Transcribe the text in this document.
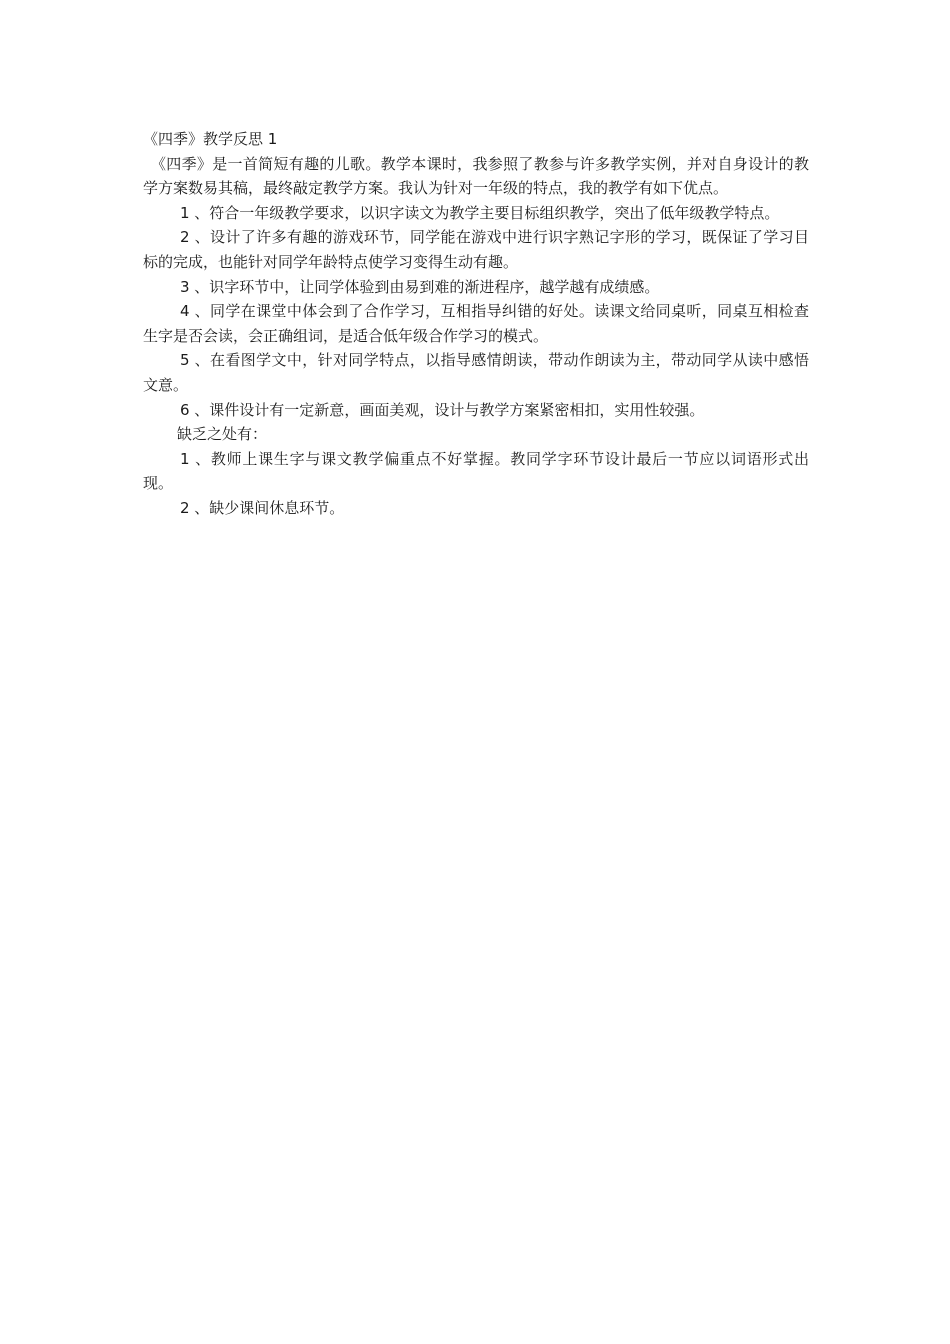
《四季》教学反思 1

《四季》是一首简短有趣的儿歌。教学本课时，我参照了教参与许多教学实例，并对自身设计的教学方案数易其稿，最终敲定教学方案。我认为针对一年级的特点，我的教学有如下优点。

1 、符合一年级教学要求，以识字读文为教学主要目标组织教学，突出了低年级教学特点。

2 、设计了许多有趣的游戏环节，同学能在游戏中进行识字熟记字形的学习，既保证了学习目标的完成，也能针对同学年龄特点使学习变得生动有趣。

3 、识字环节中，让同学体验到由易到难的渐进程序，越学越有成绩感。

4 、同学在课堂中体会到了合作学习，互相指导纠错的好处。读课文给同桌听，同桌互相检查生字是否会读，会正确组词，是适合低年级合作学习的模式。

5 、在看图学文中，针对同学特点，以指导感情朗读，带动作朗读为主，带动同学从读中感悟文意。

6 、课件设计有一定新意，画面美观，设计与教学方案紧密相扣，实用性较强。

缺乏之处有：

1 、教师上课生字与课文教学偏重点不好掌握。教同学字环节设计最后一节应以词语形式出现。

2 、缺少课间休息环节。
